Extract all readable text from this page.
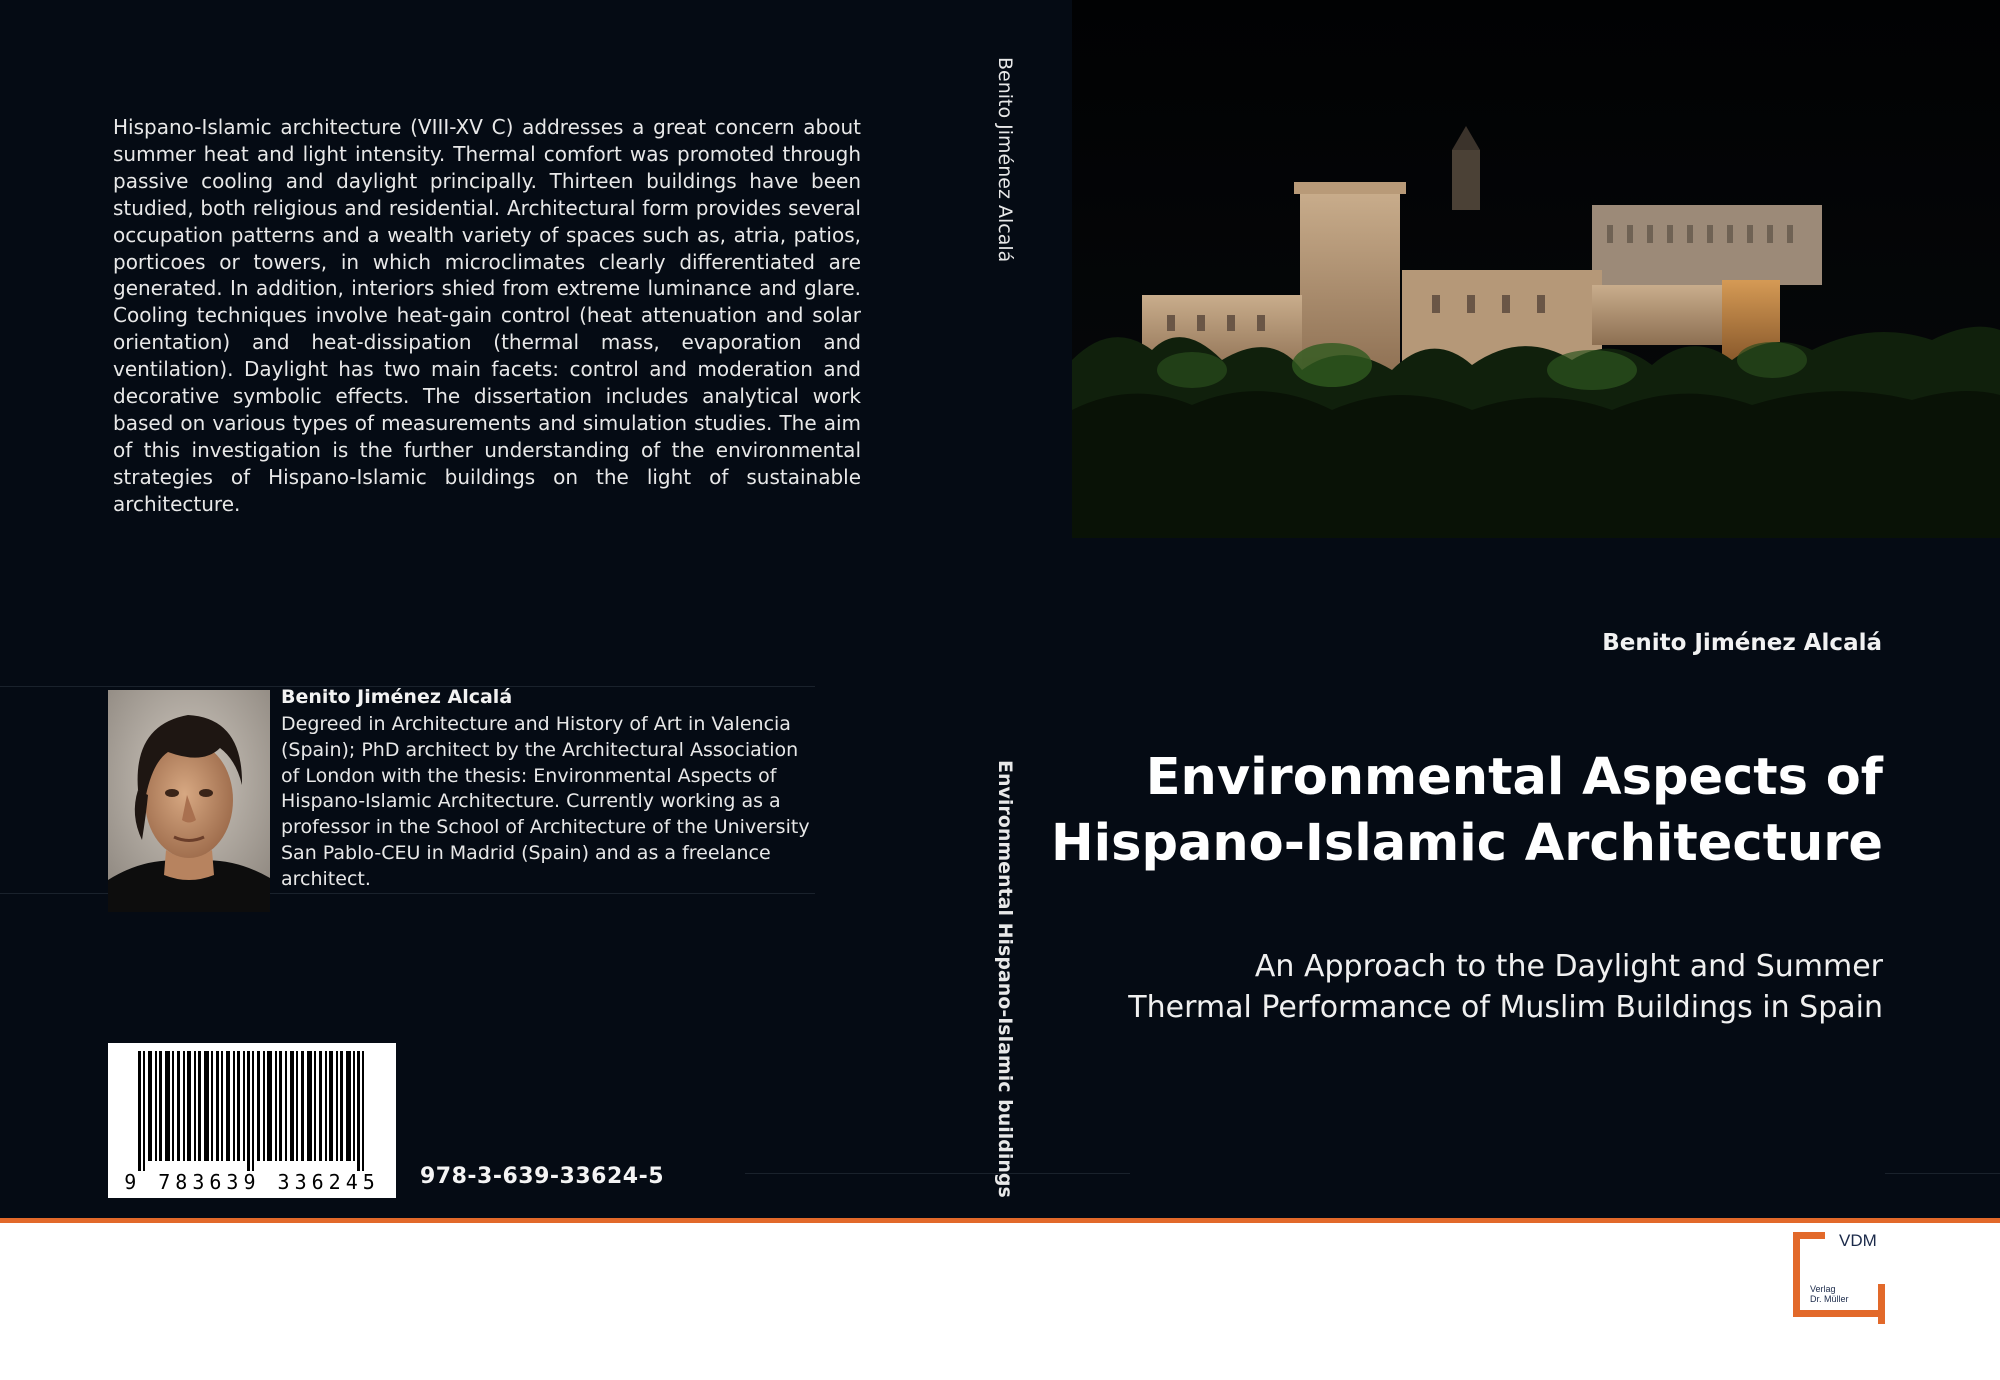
Hispano-Islamic architecture (VIII-XV C) addresses a great concern about summer heat and light intensity. Thermal comfort was promoted through passive cooling and daylight principally. Thirteen buildings have been studied, both religious and residential. Architectural form provides several occupation patterns and a wealth variety of spaces such as, atria, patios, porticoes or towers, in which microclimates clearly differentiated are generated. In addition, interiors shied from extreme luminance and glare. Cooling techniques involve heat-gain control (heat attenuation and solar orientation) and heat-dissipation (thermal mass, evaporation and ventilation). Daylight has two main facets: control and moderation and decorative symbolic effects. The dissertation includes analytical work based on various types of measurements and simulation studies. The aim of this investigation is the further understanding of the environmental strategies of Hispano-Islamic buildings on the light of sustainable architecture.

Benito Jiménez Alcalá

Degreed in Architecture and History of Art in Valencia (Spain); PhD architect by the Architectural Association of London with the thesis: Environmental Aspects of Hispano-Islamic Architecture. Currently working as a professor in the School of Architecture of the University San Pablo-CEU in Madrid (Spain) and as a freelance architect.

9 783639 336245	978-3-639-33624-5
Benito Jiménez Alcalá
Environmental Hispano-Islamic buildings
Benito Jiménez Alcalá

Environmental Aspects of Hispano-Islamic Architecture

An Approach to the Daylight and Summer Thermal Performance of Muslim Buildings in Spain

VDM
Verlag
Dr. Müller
